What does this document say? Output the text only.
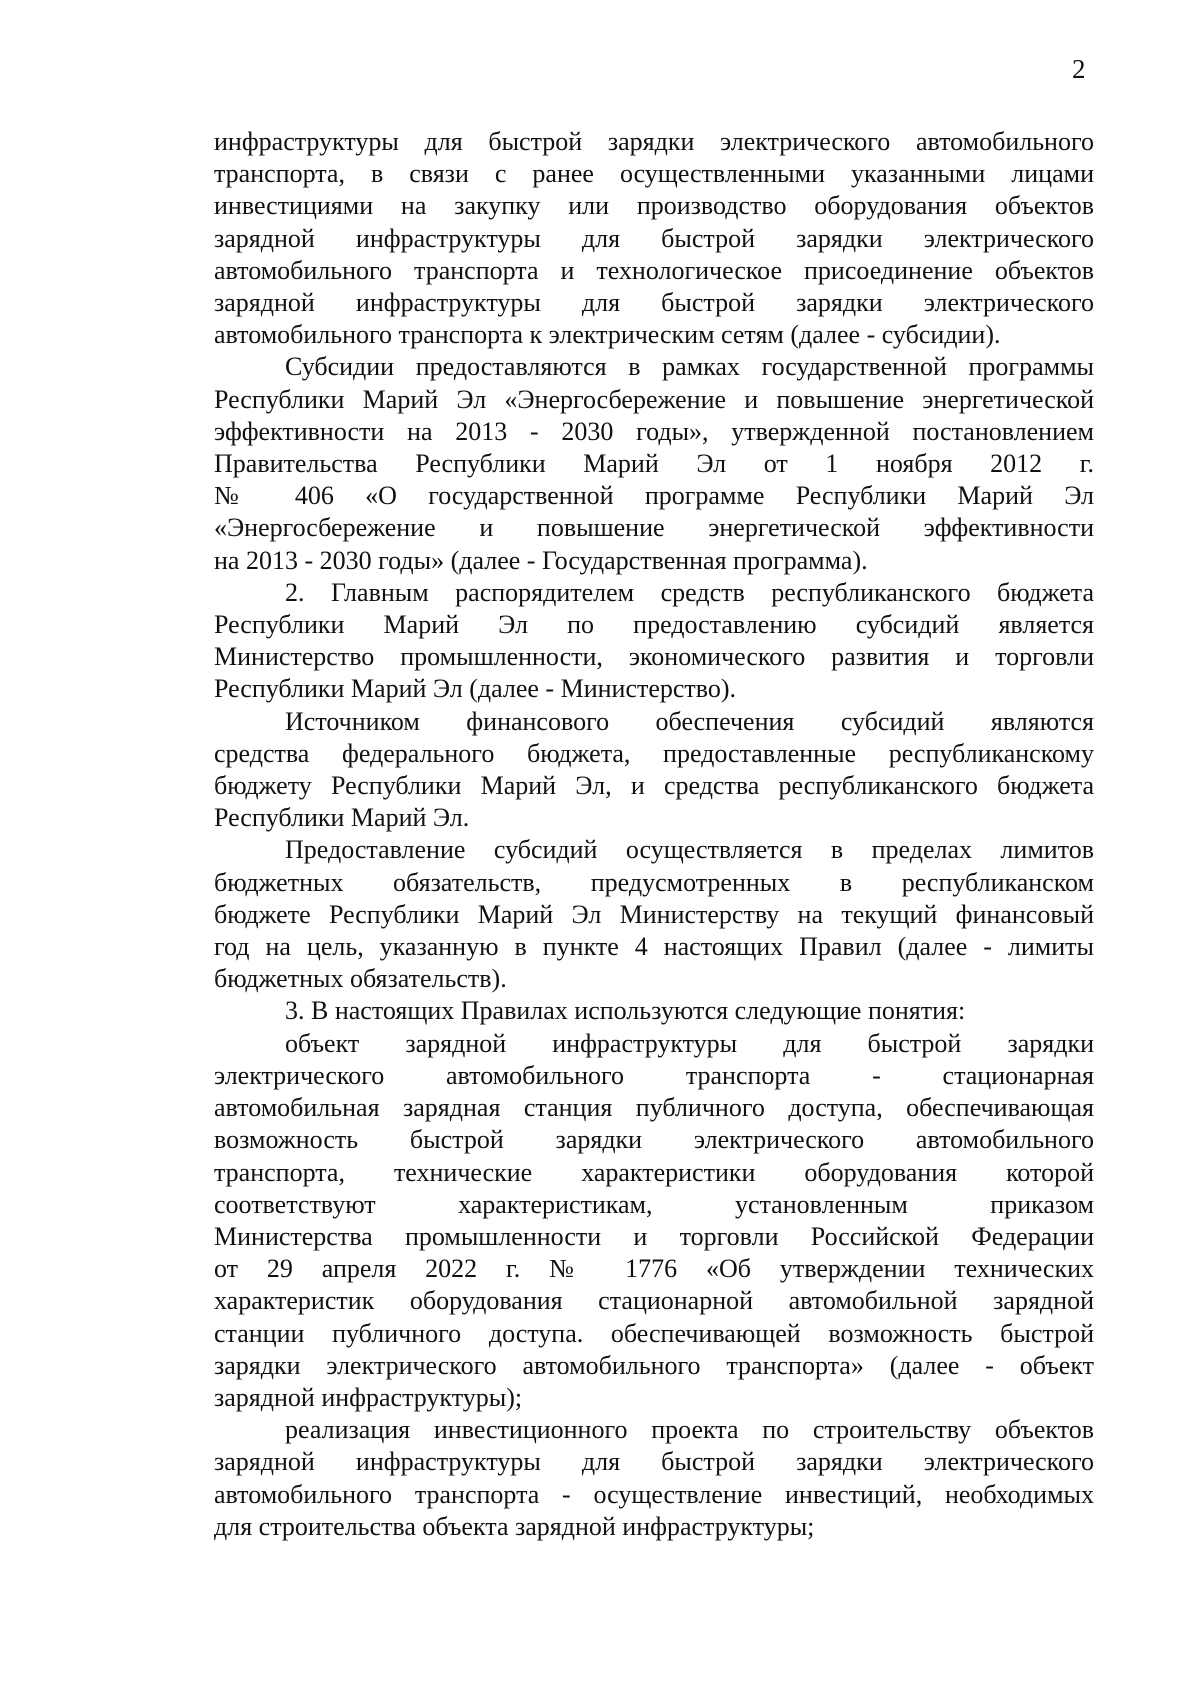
2

инфраструктуры для быстрой зарядки электрического автомобильного
транспорта, в связи с ранее осуществленными указанными лицами
инвестициями на закупку или производство оборудования объектов
зарядной инфраструктуры для быстрой зарядки электрического
автомобильного транспорта и технологическое присоединение объектов
зарядной инфраструктуры для быстрой зарядки электрического
автомобильного транспорта к электрическим сетям (далее - субсидии).

Субсидии предоставляются в рамках государственной программы
Республики Марий Эл «Энергосбережение и повышение энергетической
эффективности на 2013 - 2030 годы», утвержденной постановлением
Правительства Республики Марий Эл от 1 ноября 2012 г.
№ 406 «О государственной программе Республики Марий Эл
«Энергосбережение и повышение энергетической эффективности
на 2013 - 2030 годы» (далее - Государственная программа).

2. Главным распорядителем средств республиканского бюджета
Республики Марий Эл по предоставлению субсидий является
Министерство промышленности, экономического развития и торговли
Республики Марий Эл (далее - Министерство).

Источником финансового обеспечения субсидий являются
средства федерального бюджета, предоставленные республиканскому
бюджету Республики Марий Эл, и средства республиканского бюджета
Республики Марий Эл.

Предоставление субсидий осуществляется в пределах лимитов
бюджетных обязательств, предусмотренных в республиканском
бюджете Республики Марий Эл Министерству на текущий финансовый
год на цель, указанную в пункте 4 настоящих Правил (далее - лимиты
бюджетных обязательств).

3. В настоящих Правилах используются следующие понятия:

объект зарядной инфраструктуры для быстрой зарядки
электрического автомобильного транспорта - стационарная
автомобильная зарядная станция публичного доступа, обеспечивающая
возможность быстрой зарядки электрического автомобильного
транспорта, технические характеристики оборудования которой
соответствуют характеристикам, установленным приказом
Министерства промышленности и торговли Российской Федерации
от 29 апреля 2022 г. № 1776 «Об утверждении технических
характеристик оборудования стационарной автомобильной зарядной
станции публичного доступа. обеспечивающей возможность быстрой
зарядки электрического автомобильного транспорта» (далее - объект
зарядной инфраструктуры);

реализация инвестиционного проекта по строительству объектов
зарядной инфраструктуры для быстрой зарядки электрического
автомобильного транспорта - осуществление инвестиций, необходимых
для строительства объекта зарядной инфраструктуры;
